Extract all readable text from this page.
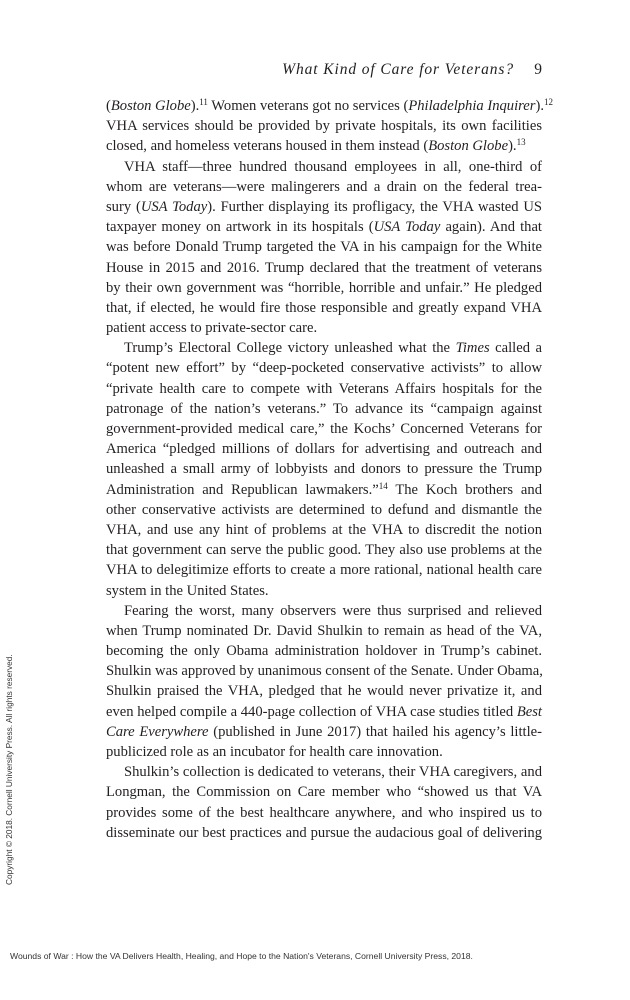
What Kind of Care for Veterans? 9
(Boston Globe).$^{11}$ Women veterans got no services (Philadelphia Inquirer).$^{12}$
VHA services should be provided by private hospitals, its own facilities
closed, and homeless veterans housed in them instead (Boston Globe).$^{13}$
VHA staff—three hundred thousand employees in all, one-third of
whom are veterans—were malingerers and a drain on the federal trea-
sury (USA Today). Further displaying its profligacy, the VHA wasted US
taxpayer money on artwork in its hospitals (USA Today again). And that
was before Donald Trump targeted the VA in his campaign for the White
House in 2015 and 2016. Trump declared that the treatment of veterans
by their own government was “horrible, horrible and unfair.” He pledged
that, if elected, he would fire those responsible and greatly expand VHA
patient access to private-sector care.
Trump’s Electoral College victory unleashed what the Times called a
“potent new effort” by “deep-pocketed conservative activists” to allow
“private health care to compete with Veterans Affairs hospitals for the
patronage of the nation’s veterans.” To advance its “campaign against
government-provided medical care,” the Kochs’ Concerned Veterans for
America “pledged millions of dollars for advertising and outreach and
unleashed a small army of lobbyists and donors to pressure the Trump
Administration and Republican lawmakers.”$^{14}$ The Koch brothers and
other conservative activists are determined to defund and dismantle the
VHA, and use any hint of problems at the VHA to discredit the notion
that government can serve the public good. They also use problems at the
VHA to delegitimize efforts to create a more rational, national health care
system in the United States.
Fearing the worst, many observers were thus surprised and relieved
when Trump nominated Dr. David Shulkin to remain as head of the VA,
becoming the only Obama administration holdover in Trump’s cabinet.
Shulkin was approved by unanimous consent of the Senate. Under Obama,
Shulkin praised the VHA, pledged that he would never privatize it, and
even helped compile a 440-page collection of VHA case studies titled Best
Care Everywhere (published in June 2017) that hailed his agency’s little-
publicized role as an incubator for health care innovation.
Shulkin’s collection is dedicated to veterans, their VHA caregivers, and
Longman, the Commission on Care member who “showed us that VA
provides some of the best healthcare anywhere, and who inspired us to
disseminate our best practices and pursue the audacious goal of delivering
Copyright © 2018. Cornell University Press. All rights reserved.
Wounds of War : How the VA Delivers Health, Healing, and Hope to the Nation's Veterans, Cornell University Press, 2018.
